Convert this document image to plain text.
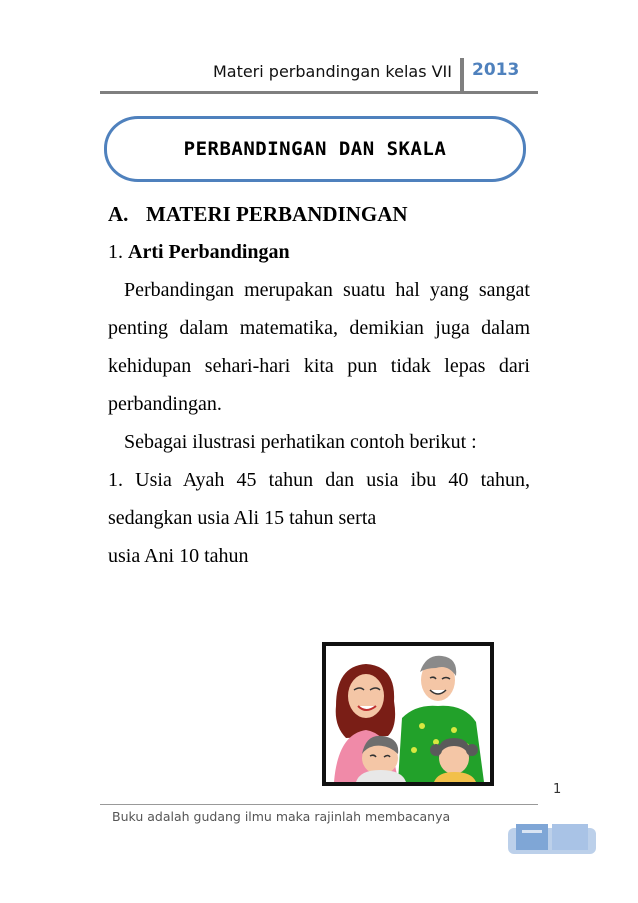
Materi perbandingan kelas VII 2013
PERBANDINGAN DAN SKALA

A. MATERI PERBANDINGAN

1. Arti Perbandingan

Perbandingan merupakan suatu hal yang sangat penting dalam matematika, demikian juga dalam kehidupan sehari-hari kita pun tidak lepas dari perbandingan.

Sebagai ilustrasi perhatikan contoh berikut :

1. Usia Ayah 45 tahun dan usia ibu 40 tahun, sedangkan usia Ali 15 tahun serta

usia Ani 10 tahun

1
Buku adalah gudang ilmu maka rajinlah membacanya
